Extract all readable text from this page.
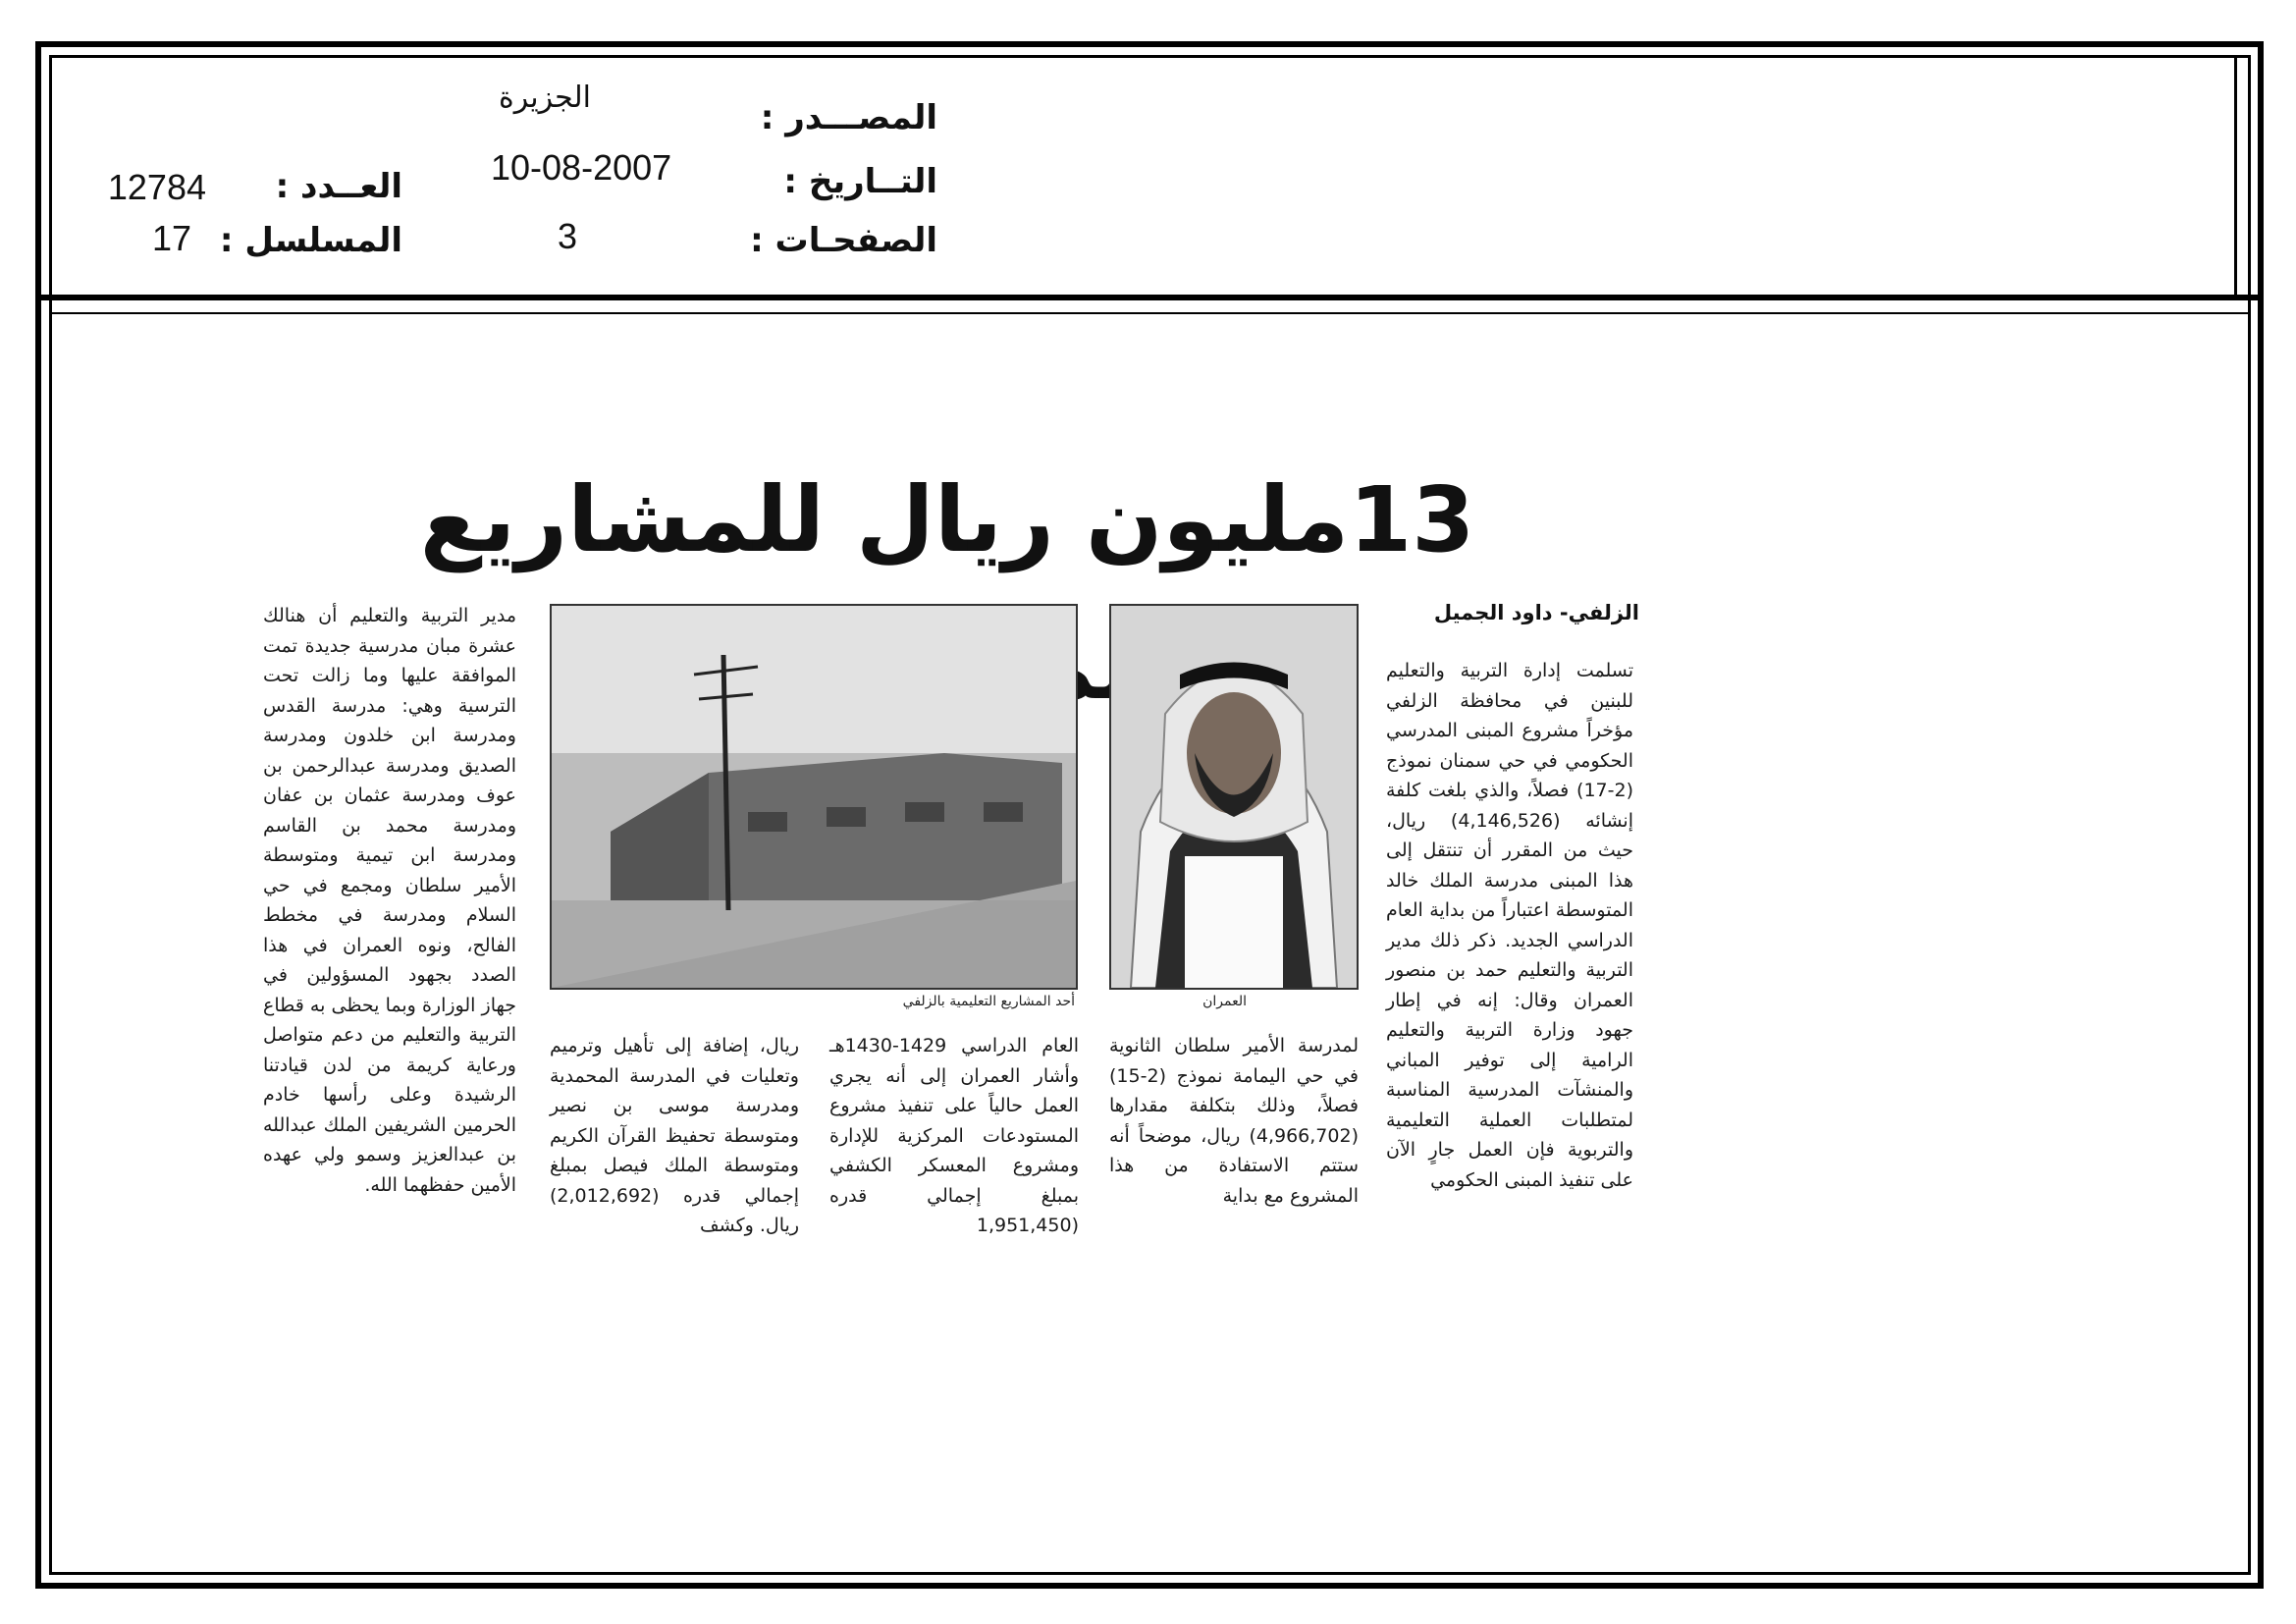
المصـــدر :
الجزيرة
التــاريخ :
10-08-2007
الصفحـات :
3
العــدد :
12784
المسلسل :
17
13مليون ريال للمشاريع
الزلفي- داود الجميل
تسلمت إدارة التربية والتعليم للبنين في محافظة الزلفي مؤخراً مشروع المبنى المدرسي الحكومي في حي سمنان نموذج (2-17) فصلاً، والذي بلغت كلفة إنشائه (4,146,526) ريال، حيث من المقرر أن تنتقل إلى هذا المبنى مدرسة الملك خالد المتوسطة اعتباراً من بداية العام الدراسي الجديد. ذكر ذلك مدير التربية والتعليم حمد بن منصور العمران وقال: إنه في إطار جهود وزارة التربية والتعليم الرامية إلى توفير المباني والمنشآت المدرسية المناسبة لمتطلبات العملية التعليمية والتربوية فإن العمل جارٍ الآن على تنفيذ المبنى الحكومي
العمران
أحد المشاريع التعليمية بالزلفي
لمدرسة الأمير سلطان الثانوية في حي اليمامة نموذج (2-15) فصلاً، وذلك بتكلفة مقدارها (4,966,702) ريال، موضحاً أنه ستتم الاستفادة من هذا المشروع مع بداية
العام الدراسي 1429-1430هـ وأشار العمران إلى أنه يجري العمل حالياً على تنفيذ مشروع المستودعات المركزية للإدارة ومشروع المعسكر الكشفي بمبلغ إجمالي قدره (1,951,450
ريال، إضافة إلى تأهيل وترميم وتعليات في المدرسة المحمدية ومدرسة موسى بن نصير ومتوسطة تحفيظ القرآن الكريم ومتوسطة الملك فيصل بمبلغ إجمالي قدره (2,012,692) ريال. وكشف
مدير التربية والتعليم أن هنالك عشرة مبان مدرسية جديدة تمت الموافقة عليها وما زالت تحت الترسية وهي: مدرسة القدس ومدرسة ابن خلدون ومدرسة الصديق ومدرسة عبدالرحمن بن عوف ومدرسة عثمان بن عفان ومدرسة محمد بن القاسم ومدرسة ابن تيمية ومتوسطة الأمير سلطان ومجمع في حي السلام ومدرسة في مخطط الفالح، ونوه العمران في هذا الصدد بجهود المسؤولين في جهاز الوزارة وبما يحظى به قطاع التربية والتعليم من دعم متواصل ورعاية كريمة من لدن قيادتنا الرشيدة وعلى رأسها خادم الحرمين الشريفين الملك عبدالله بن عبدالعزيز وسمو ولي عهده الأمين حفظهما الله.
